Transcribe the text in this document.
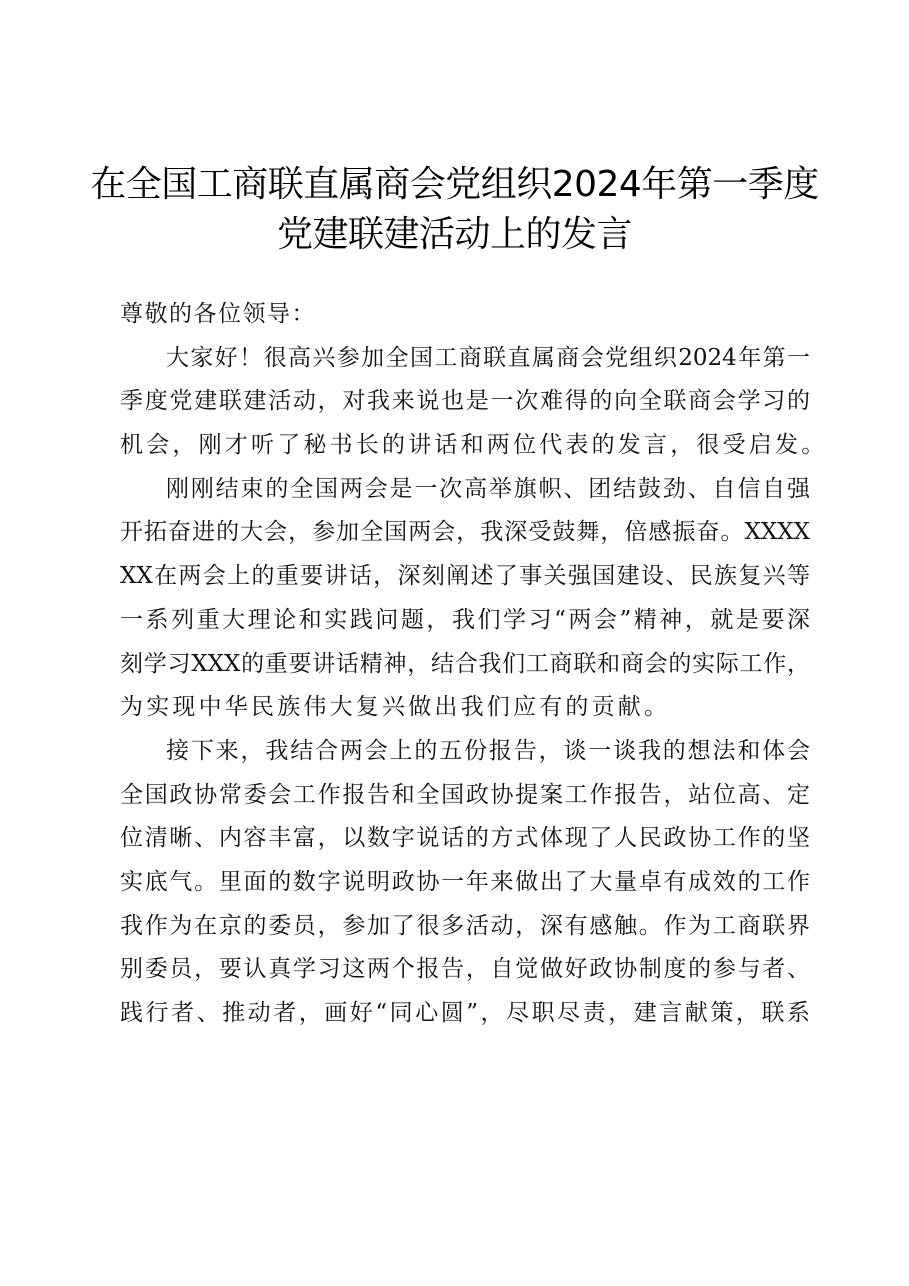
在全国工商联直属商会党组织2024年第一季度
党建联建活动上的发言
尊敬的各位领导：
大家好！很高兴参加全国工商联直属商会党组织2024年第一
季度党建联建活动，对我来说也是一次难得的向全联商会学习的
机会，刚才听了秘书长的讲话和两位代表的发言，很受启发。
刚刚结束的全国两会是一次高举旗帜、团结鼓劲、自信自强
开拓奋进的大会，参加全国两会，我深受鼓舞，倍感振奋。XXXX
XX在两会上的重要讲话，深刻阐述了事关强国建设、民族复兴等
一系列重大理论和实践问题，我们学习“两会”精神，就是要深
刻学习XXX的重要讲话精神，结合我们工商联和商会的实际工作，
为实现中华民族伟大复兴做出我们应有的贡献。
接下来，我结合两会上的五份报告，谈一谈我的想法和体会
全国政协常委会工作报告和全国政协提案工作报告，站位高、定
位清晰、内容丰富，以数字说话的方式体现了人民政协工作的坚
实底气。里面的数字说明政协一年来做出了大量卓有成效的工作
我作为在京的委员，参加了很多活动，深有感触。作为工商联界
别委员，要认真学习这两个报告，自觉做好政协制度的参与者、
践行者、推动者，画好“同心圆”，尽职尽责，建言献策，联系
